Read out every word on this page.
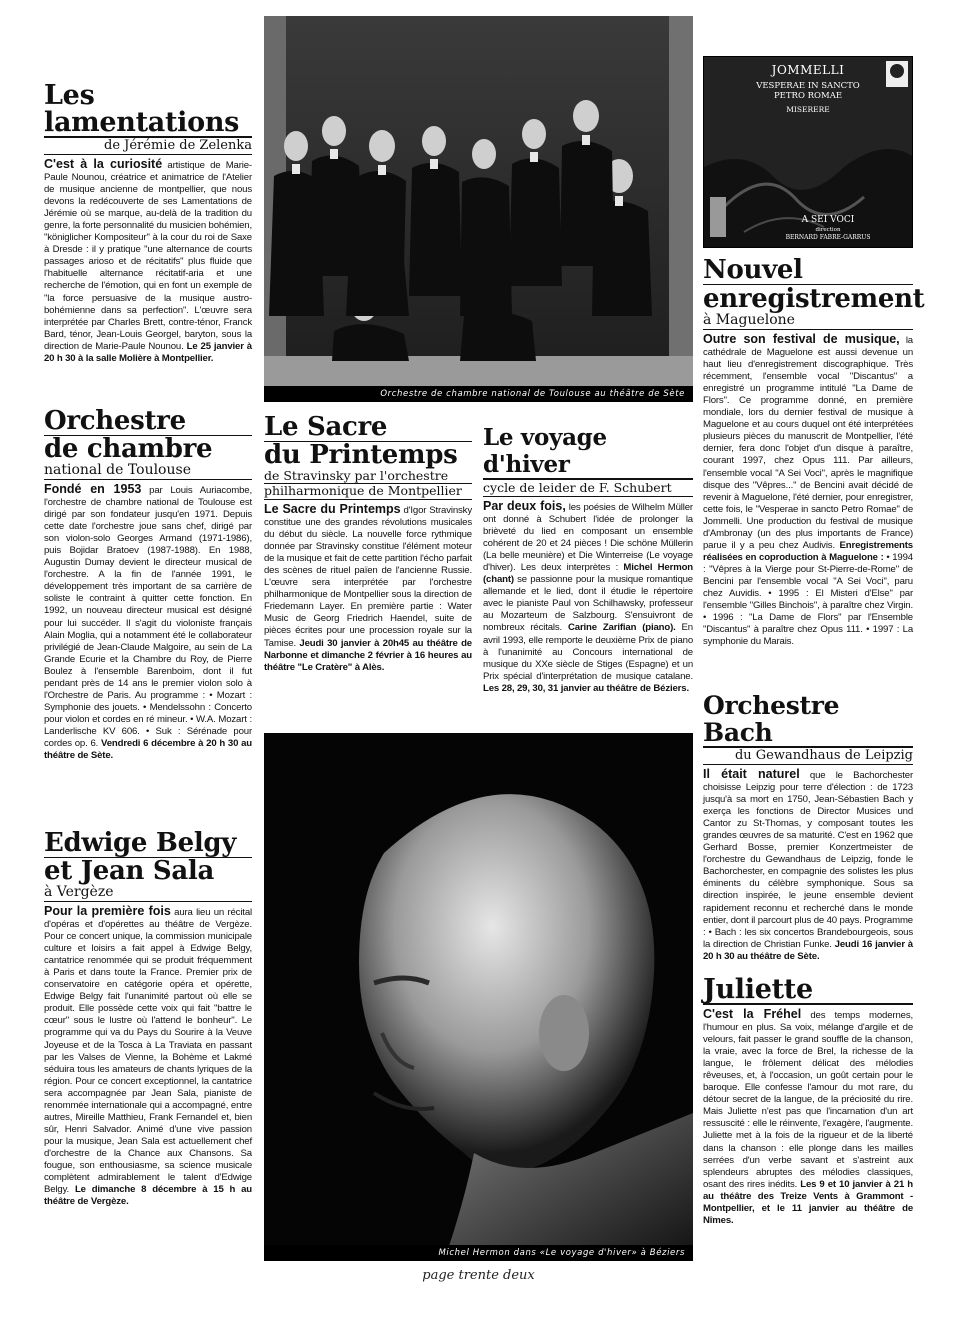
Les lamentations
de Jérémie de Zelenka

C'est à la curiosité artistique de Marie-Paule Nounou, créatrice et animatrice de l'Atelier de musique ancienne de montpellier, que nous devons la redécouverte de ses Lamentations de Jérémie où se marque, au-delà de la tradition du genre, la forte personnalité du musicien bohémien, "königlicher Kompositeur" à la cour du roi de Saxe à Dresde : il y pratique "une alternance de courts passages arioso et de récitatifs" plus fluide que l'habituelle alternance récitatif-aria et une recherche de l'émotion, qui en font un exemple de "la force persuasive de la musique austro-bohémienne dans sa perfection". L'œuvre sera interprétée par Charles Brett, contre-ténor, Franck Bard, ténor, Jean-Louis Georgel, baryton, sous la direction de Marie-Paule Nounou. Le 25 janvier à 20 h 30 à la salle Molière à Montpellier.

Orchestre
de chambre
national de Toulouse

Fondé en 1953 par Louis Auriacombe, l'orchestre de chambre national de Toulouse est dirigé par son fondateur jusqu'en 1971. Depuis cette date l'orchestre joue sans chef, dirigé par son violon-solo Georges Armand (1971-1986), puis Bojidar Bratoev (1987-1988). En 1988, Augustin Dumay devient le directeur musical de l'orchestre. A la fin de l'année 1991, le développement très important de sa carrière de soliste le contraint à quitter cette fonction. En 1992, un nouveau directeur musical est désigné pour lui succéder. Il s'agit du violoniste français Alain Moglia, qui a notamment été le collaborateur privilégié de Jean-Claude Malgoire, au sein de La Grande Ecurie et la Chambre du Roy, de Pierre Boulez à l'ensemble Barenboim, dont il fut pendant près de 14 ans le premier violon solo à l'Orchestre de Paris. Au programme : • Mozart : Symphonie des jouets. • Mendelssohn : Concerto pour violon et cordes en ré mineur. • W.A. Mozart : Landerlische KV 606. • Suk : Sérénade pour cordes op. 6. Vendredi 6 décembre à 20 h 30 au théâtre de Sète.

Edwige Belgy
et Jean Sala
à Vergèze

Pour la première fois aura lieu un récital d'opéras et d'opérettes au théâtre de Vergèze. Pour ce concert unique, la commission municipale culture et loisirs a fait appel à Edwige Belgy, cantatrice renommée qui se produit fréquemment à Paris et dans toute la France. Premier prix de conservatoire en catégorie opéra et opérette, Edwige Belgy fait l'unanimité partout où elle se produit. Elle possède cette voix qui fait "battre le cœur" sous le lustre où l'attend le bonheur". Le programme qui va du Pays du Sourire à la Veuve Joyeuse et de la Tosca à La Traviata en passant par les Valses de Vienne, la Bohème et Lakmé séduira tous les amateurs de chants lyriques de la région. Pour ce concert exceptionnel, la cantatrice sera accompagnée par Jean Sala, pianiste de renommée internationale qui a accompagné, entre autres, Mireille Matthieu, Frank Fernandel et, bien sûr, Henri Salvador. Animé d'une vive passion pour la musique, Jean Sala est actuellement chef d'orchestre de la Chance aux Chansons. Sa fougue, son enthousiasme, sa science musicale complètent admirablement le talent d'Edwige Belgy. Le dimanche 8 décembre à 15 h au théâtre de Vergèze.

Orchestre de chambre national de Toulouse au théâtre de Sète
Le Sacre
du Printemps
de Stravinsky par l'orchestre
philharmonique de Montpellier

Le Sacre du Printemps d'Igor Stravinsky constitue une des grandes révolutions musicales du début du siècle. La nouvelle force rythmique donnée par Stravinsky constitue l'élément moteur de la musique et fait de cette partition l'écho parfait des scènes de rituel païen de l'ancienne Russie. L'œuvre sera interprétée par l'orchestre philharmonique de Montpellier sous la direction de Friedemann Layer. En première partie : Water Music de Georg Friedrich Haendel, suite de pièces écrites pour une procession royale sur la Tamise. Jeudi 30 janvier à 20h45 au théâtre de Narbonne et dimanche 2 février à 16 heures au théâtre "Le Cratère" à Alès.

Le voyage d'hiver
cycle de leider de F. Schubert

Par deux fois, les poésies de Wilhelm Müller ont donné à Schubert l'idée de prolonger la brièveté du lied en composant un ensemble cohérent de 20 et 24 pièces ! Die schöne Müllerin (La belle meunière) et Die Winterreise (Le voyage d'hiver). Les deux interprètes : Michel Hermon (chant) se passionne pour la musique romantique allemande et le lied, dont il étudie le répertoire avec le pianiste Paul von Schilhawsky, professeur au Mozarteum de Salzbourg. S'ensuivront de nombreux récitals. Carine Zarifian (piano). En avril 1993, elle remporte le deuxième Prix de piano à l'unanimité au Concours international de musique du XXe siècle de Stiges (Espagne) et un Prix spécial d'interprétation de musique catalane. Les 28, 29, 30, 31 janvier au théâtre de Béziers.

Michel Hermon dans «Le voyage d'hiver» à Béziers
JOMMELLI
VESPERAE IN SANCTO
PETRO ROMAE
MISERERE
A SEI VOCI
direction
BERNARD FABRE-GARRUS
Nouvel
enregistrement
à Maguelone

Outre son festival de musique, la cathédrale de Maguelone est aussi devenue un haut lieu d'enregistrement discographique. Très récemment, l'ensemble vocal "Discantus" a enregistré un programme intitulé "La Dame de Flors". Ce programme donné, en première mondiale, lors du dernier festival de musique à Maguelone et au cours duquel ont été interprétées plusieurs pièces du manuscrit de Montpellier, l'été dernier, fera donc l'objet d'un disque à paraître, courant 1997, chez Opus 111. Par ailleurs, l'ensemble vocal "A Sei Voci", après le magnifique disque des "Vêpres..." de Bencini avait décidé de revenir à Maguelone, l'été dernier, pour enregistrer, cette fois, le "Vesperae in sancto Petro Romae" de Jommelli. Une production du festival de musique d'Ambronay (un des plus importants de France) parue il y a peu chez Audivis. Enregistrements réalisées en coproduction à Maguelone : • 1994 : "Vêpres à la Vierge pour St-Pierre-de-Rome" de Bencini par l'ensemble vocal "A Sei Voci", paru chez Auvidis. • 1995 : El Misteri d'Else" par l'ensemble "Gilles Binchois", à paraître chez Virgin. • 1996 : "La Dame de Flors" par l'Ensemble "Discantus" à paraître chez Opus 111. • 1997 : La symphonie du Marais.

Orchestre Bach
du Gewandhaus de Leipzig

Il était naturel que le Bachorchester choisisse Leipzig pour terre d'élection : de 1723 jusqu'à sa mort en 1750, Jean-Sébastien Bach y exerça les fonctions de Director Musices und Cantor zu St-Thomas, y composant toutes les grandes œuvres de sa maturité. C'est en 1962 que Gerhard Bosse, premier Konzertmeister de l'orchestre du Gewandhaus de Leipzig, fonde le Bachorchester, en compagnie des solistes les plus éminents du célèbre symphonique. Sous sa direction inspirée, le jeune ensemble devient rapidement reconnu et recherché dans le monde entier, dont il parcourt plus de 40 pays. Programme : • Bach : les six concertos Brandebourgeois, sous la direction de Christian Funke. Jeudi 16 janvier à 20 h 30 au théâtre de Sète.

Juliette

C'est la Fréhel des temps modernes, l'humour en plus. Sa voix, mélange d'argile et de velours, fait passer le grand souffle de la chanson, la vraie, avec la force de Brel, la richesse de la langue, le frôlement délicat des mélodies rêveuses, et, à l'occasion, un goût certain pour le baroque. Elle confesse l'amour du mot rare, du détour secret de la langue, de la préciosité du rire. Mais Juliette n'est pas que l'incarnation d'un art ressuscité : elle le réinvente, l'exagère, l'augmente. Juliette met à la fois de la rigueur et de la liberté dans la chanson : elle plonge dans les mailles serrées d'un verbe savant et s'astreint aux splendeurs abruptes des mélodies classiques, osant des rires inédits. Les 9 et 10 janvier à 21 h au théâtre des Treize Vents à Grammont - Montpellier, et le 11 janvier au théâtre de Nîmes.

page trente deux
